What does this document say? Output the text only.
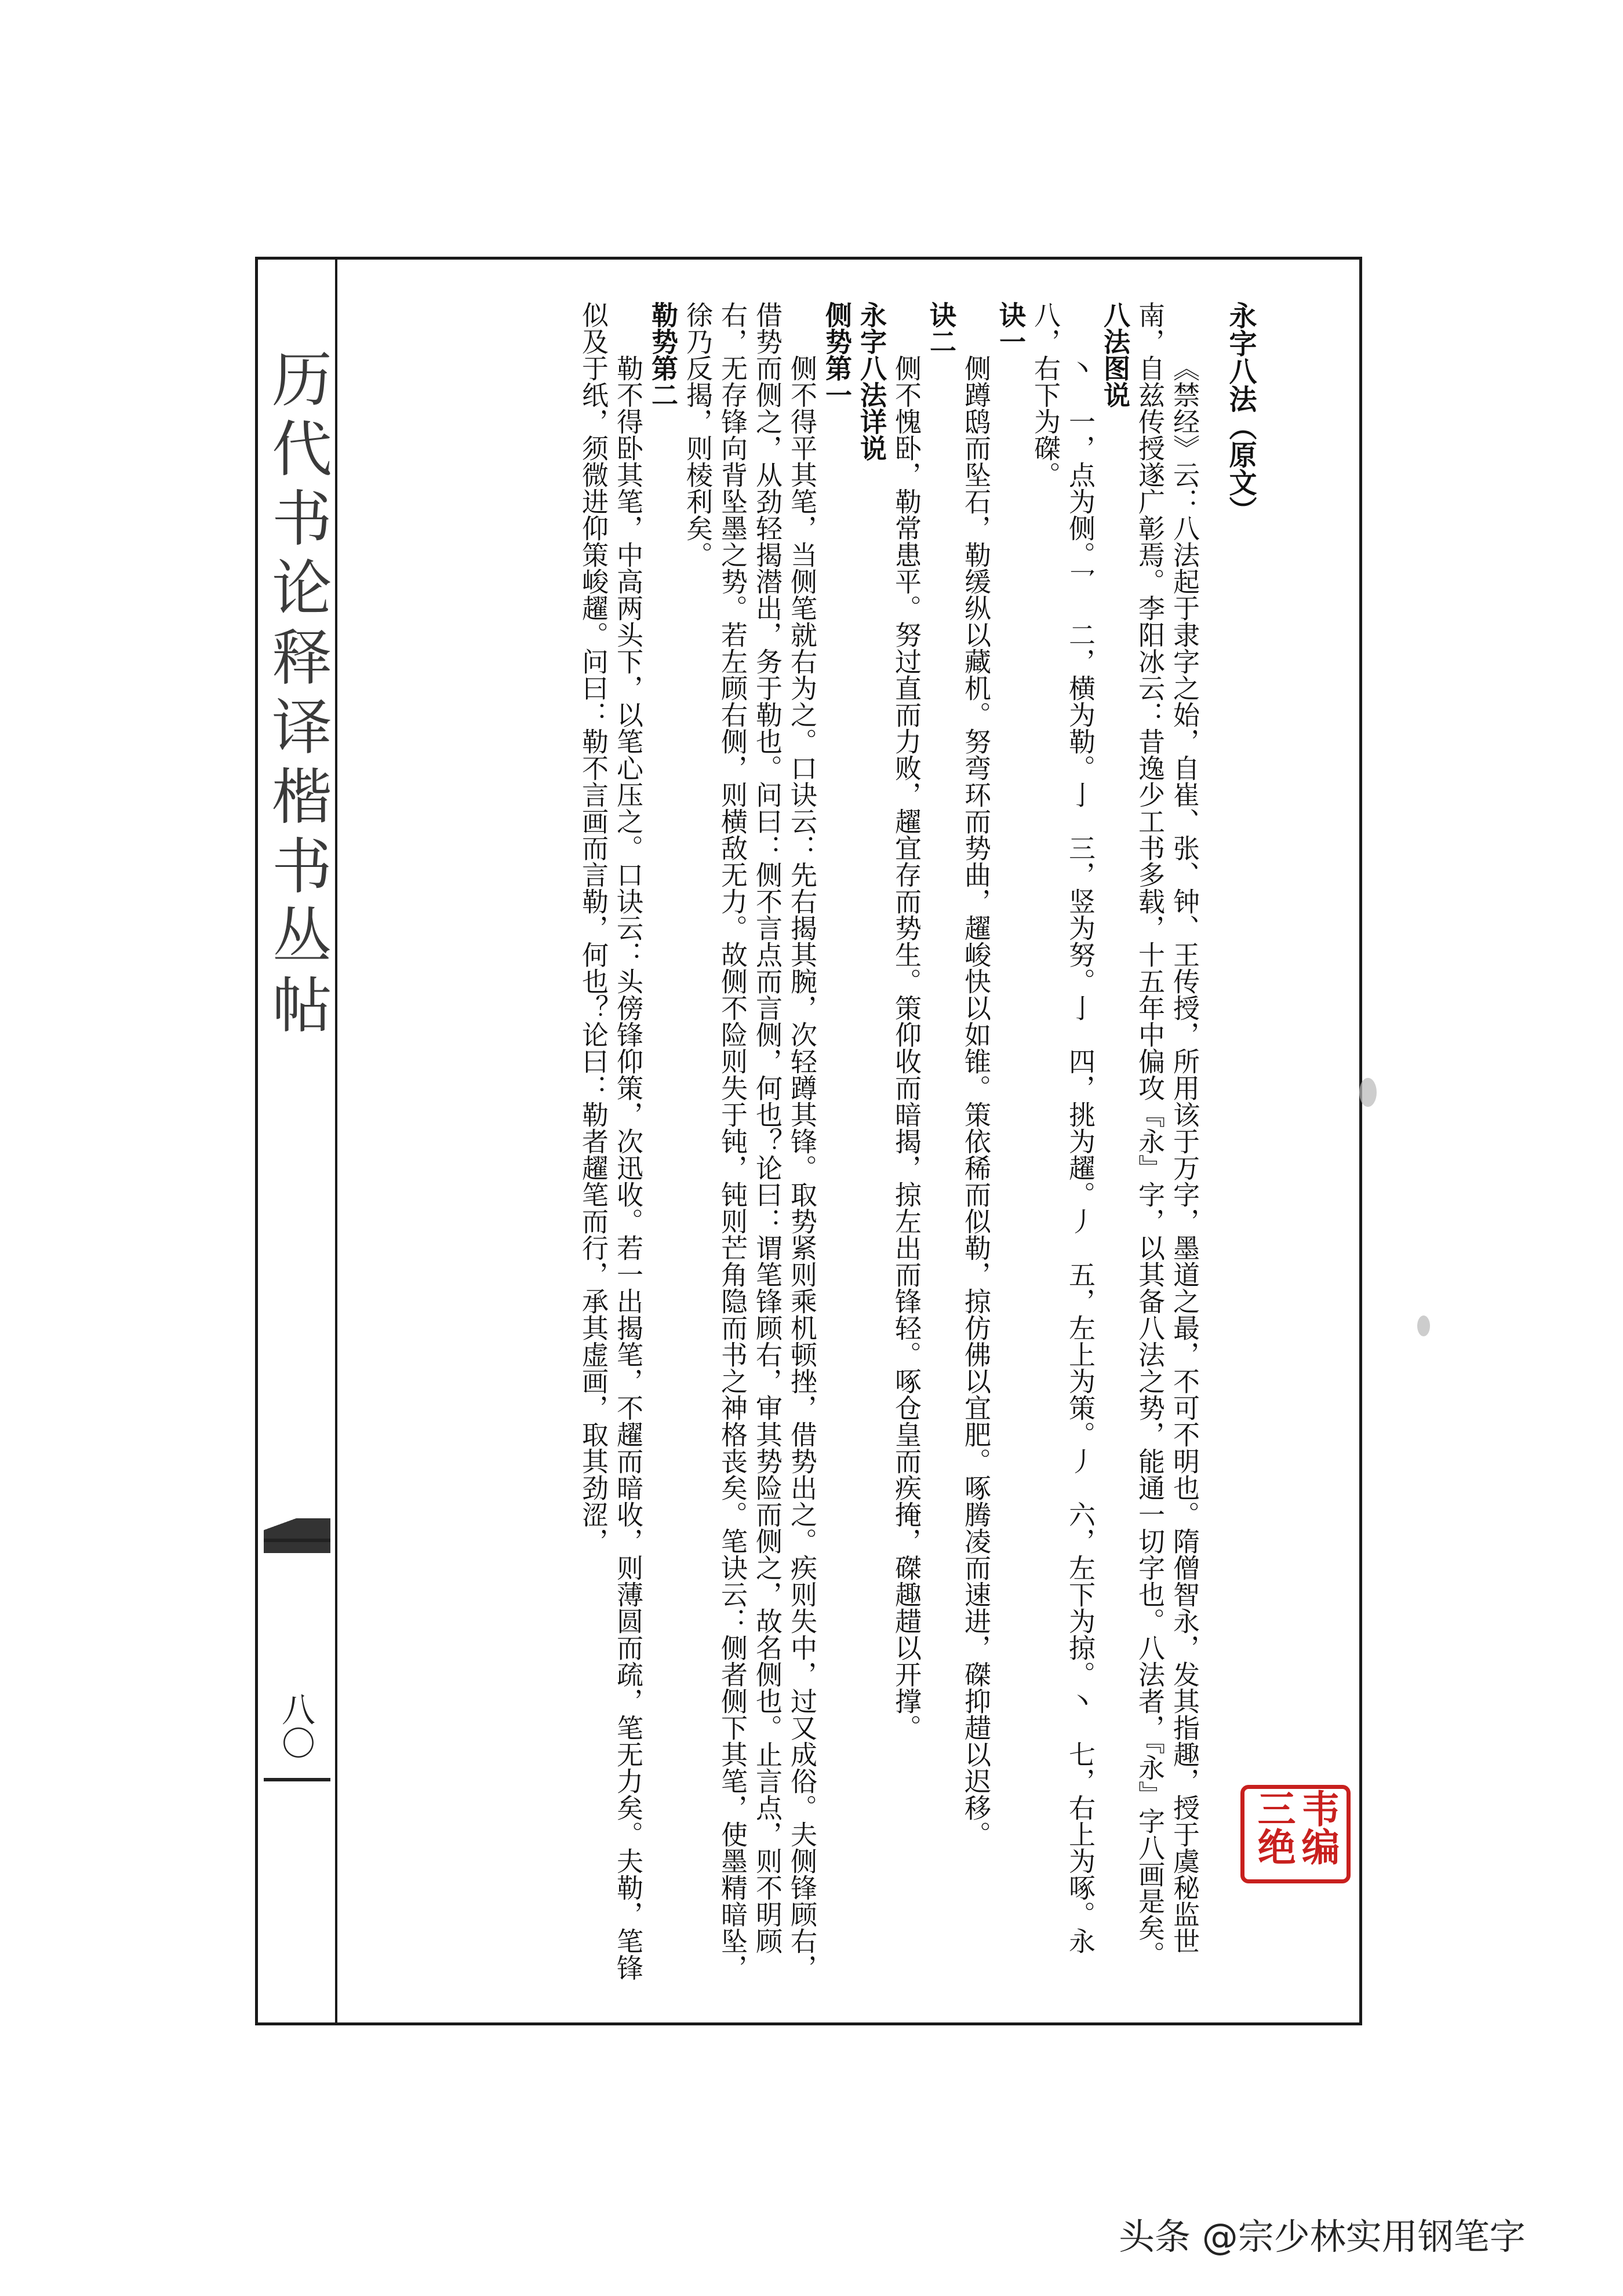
历代书论释译楷书丛帖
八〇

永字八法（原文）

《禁经》云：八法起于隶字之始，自崔、张、钟、王传授，所用该于万字，墨道之最，不可不明也。隋僧智永，发其指趣，授于虞秘监世南，自兹传授遂广彰焉。李阳冰云：昔逸少工书多载，十五年中偏攻『永』字，以其备八法之势，能通一切字也。八法者，『永』字八画是矣。

八法图说

丶　一，点为侧。乛　二，横为勒。亅　三，竖为努。亅　四，挑为趯。丿　五，左上为策。丿　六，左下为掠。丶　七，右上为啄。永　八，右下为磔。

诀一

侧蹲鸱而坠石，勒缓纵以藏机。努弯环而势曲，趯峻快以如锥。策依稀而似勒，掠仿佛以宜肥。啄腾凌而速进，磔抑趞以迟移。

诀二

侧不愧卧，勒常患平。努过直而力败，趯宜存而势生。策仰收而暗揭，掠左出而锋轻。啄仓皇而疾掩，磔趣趞以开撑。

永字八法详说

侧势第一

侧不得平其笔，当侧笔就右为之。口诀云：先右揭其腕，次轻蹲其锋。取势紧则乘机顿挫，借势出之。疾则失中，过又成俗。夫侧锋顾右，借势而侧之，从劲轻揭潜出，务于勒也。问曰：侧不言点而言侧，何也？论曰：谓笔锋顾右，审其势险而侧之，故名侧也。止言点，则不明顾右，无存锋向背坠墨之势。若左顾右侧，则横敌无力。故侧不险则失于钝，钝则芒角隐而书之神格丧矣。笔诀云：侧者侧下其笔，使墨精暗坠，徐乃反揭，则棱利矣。

勒势第二

勒不得卧其笔，中高两头下，以笔心压之。口诀云：头傍锋仰策，次迅收。若一出揭笔，不趯而暗收，则薄圆而疏，笔无力矣。夫勒，笔锋似及于纸，须微进仰策峻趯。问曰：勒不言画而言勒，何也？论曰：勒者趯笔而行，承其虚画，取其劲涩，

韦编三绝
头条 @宗少林实用钢笔字
